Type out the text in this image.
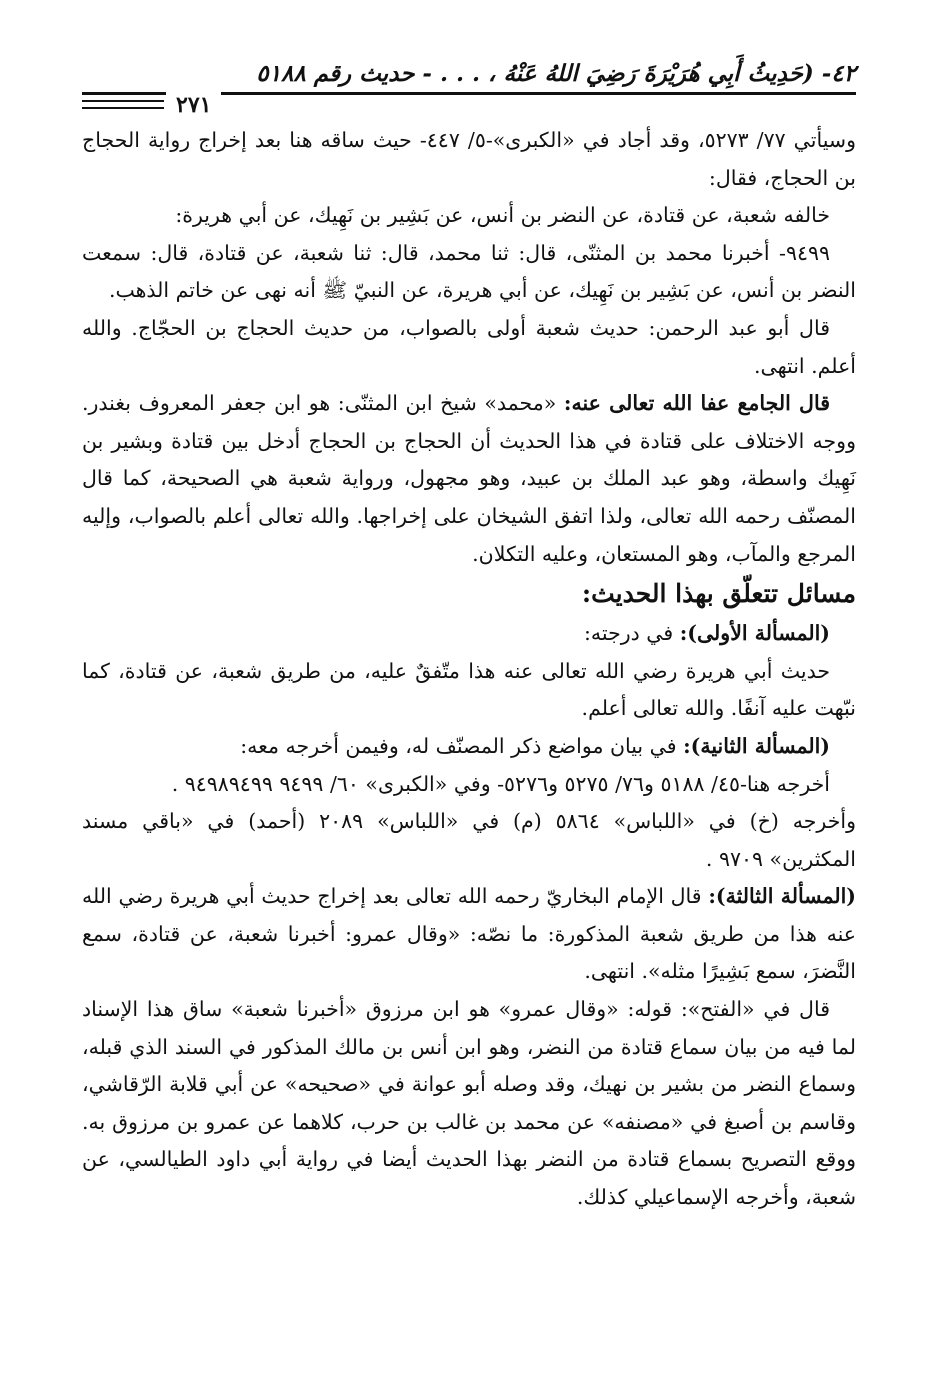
٤٢- (حَدِيثُ أَبِي هُرَيْرَةَ رَضِيَ اللهُ عَنْهُ ، . . . - حديث رقم ٥١٨٨
٢٧١

وسيأتي ٧٧/ ٥٢٧٣، وقد أجاد في «الكبرى»-٥/ ٤٤٧- حيث ساقه هنا بعد إخراج رواية الحجاج بن الحجاج، فقال:

خالفه شعبة، عن قتادة، عن النضر بن أنس، عن بَشِير بن نَهِيك، عن أبي هريرة:

٩٤٩٩- أخبرنا محمد بن المثنّى، قال: ثنا محمد، قال: ثنا شعبة، عن قتادة، قال: سمعت النضر بن أنس، عن بَشِير بن نَهِيك، عن أبي هريرة، عن النبيّ ﷺ أنه نهى عن خاتم الذهب.

قال أبو عبد الرحمن: حديث شعبة أولى بالصواب، من حديث الحجاج بن الحجّاج. والله أعلم. انتهى.

قال الجامع عفا الله تعالى عنه: «محمد» شيخ ابن المثنّى: هو ابن جعفر المعروف بغندر. ووجه الاختلاف على قتادة في هذا الحديث أن الحجاج بن الحجاج أدخل بين قتادة وبشير بن نَهِيك واسطة، وهو عبد الملك بن عبيد، وهو مجهول، ورواية شعبة هي الصحيحة، كما قال المصنّف رحمه الله تعالى، ولذا اتفق الشيخان على إخراجها. والله تعالى أعلم بالصواب، وإليه المرجع والمآب، وهو المستعان، وعليه التكلان.

مسائل تتعلّق بهذا الحديث:

(المسألة الأولى): في درجته:

حديث أبي هريرة رضي الله تعالى عنه هذا متّفقٌ عليه، من طريق شعبة، عن قتادة، كما نبّهت عليه آنفًا. والله تعالى أعلم.

(المسألة الثانية): في بيان مواضع ذكر المصنّف له، وفيمن أخرجه معه:

أخرجه هنا-٤٥/ ٥١٨٨ و٧٦/ ٥٢٧٥ و٥٢٧٦- وفي «الكبرى» ٦٠/ ٩٤٩٩ ٩٤٩٨٩٤٩٩ .

وأخرجه (خ) في «اللباس» ٥٨٦٤ (م) في «اللباس» ٢٠٨٩ (أحمد) في «باقي مسند المكثرين» ٩٧٠٩ .

(المسألة الثالثة): قال الإمام البخاريّ رحمه الله تعالى بعد إخراج حديث أبي هريرة رضي الله عنه هذا من طريق شعبة المذكورة: ما نصّه: «وقال عمرو: أخبرنا شعبة، عن قتادة، سمع النَّضرَ، سمع بَشِيرًا مثله». انتهى.

قال في «الفتح»: قوله: «وقال عمرو» هو ابن مرزوق «أخبرنا شعبة» ساق هذا الإسناد لما فيه من بيان سماع قتادة من النضر، وهو ابن أنس بن مالك المذكور في السند الذي قبله، وسماع النضر من بشير بن نهيك، وقد وصله أبو عوانة في «صحيحه» عن أبي قلابة الرّقاشي، وقاسم بن أصبغ في «مصنفه» عن محمد بن غالب بن حرب، كلاهما عن عمرو بن مرزوق به. ووقع التصريح بسماع قتادة من النضر بهذا الحديث أيضا في رواية أبي داود الطيالسي، عن شعبة، وأخرجه الإسماعيلي كذلك.
